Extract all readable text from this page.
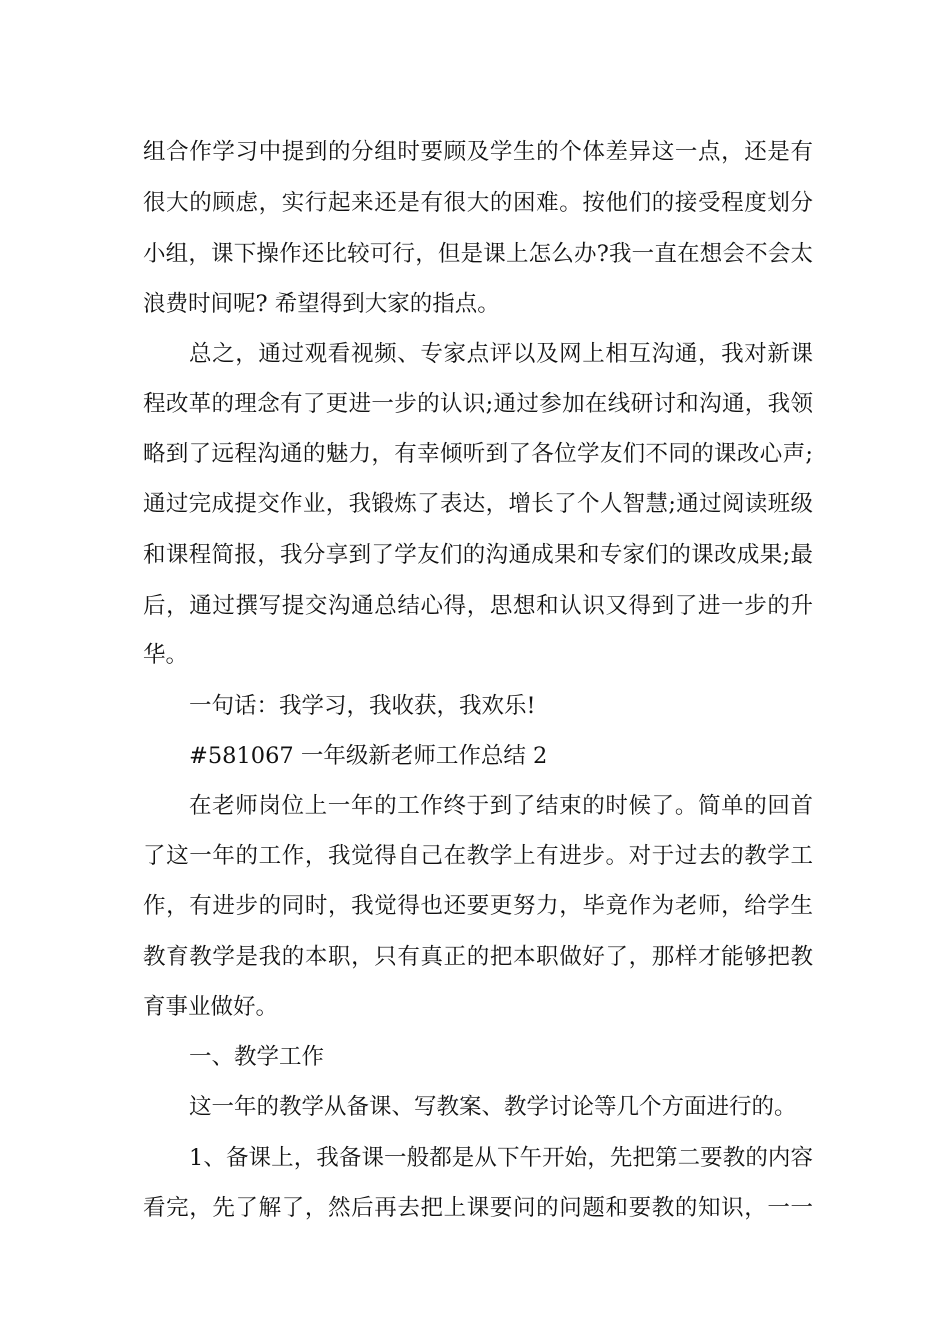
组合作学习中提到的分组时要顾及学生的个体差异这一点，还是有
很大的顾虑，实行起来还是有很大的困难。按他们的接受程度划分
小组，课下操作还比较可行，但是课上怎么办?我一直在想会不会太
浪费时间呢? 希望得到大家的指点。
总之，通过观看视频、专家点评以及网上相互沟通，我对新课
程改革的理念有了更进一步的认识;通过参加在线研讨和沟通，我领
略到了远程沟通的魅力，有幸倾听到了各位学友们不同的课改心声;
通过完成提交作业，我锻炼了表达，增长了个人智慧;通过阅读班级
和课程简报，我分享到了学友们的沟通成果和专家们的课改成果;最
后，通过撰写提交沟通总结心得，思想和认识又得到了进一步的升
华。
一句话：我学习，我收获，我欢乐!
#581067 一年级新老师工作总结 2
在老师岗位上一年的工作终于到了结束的时候了。简单的回首
了这一年的工作，我觉得自己在教学上有进步。对于过去的教学工
作，有进步的同时，我觉得也还要更努力，毕竟作为老师，给学生
教育教学是我的本职，只有真正的把本职做好了，那样才能够把教
育事业做好。
一、教学工作
这一年的教学从备课、写教案、教学讨论等几个方面进行的。
1、备课上，我备课一般都是从下午开始，先把第二要教的内容
看完，先了解了，然后再去把上课要问的问题和要教的知识，一一
